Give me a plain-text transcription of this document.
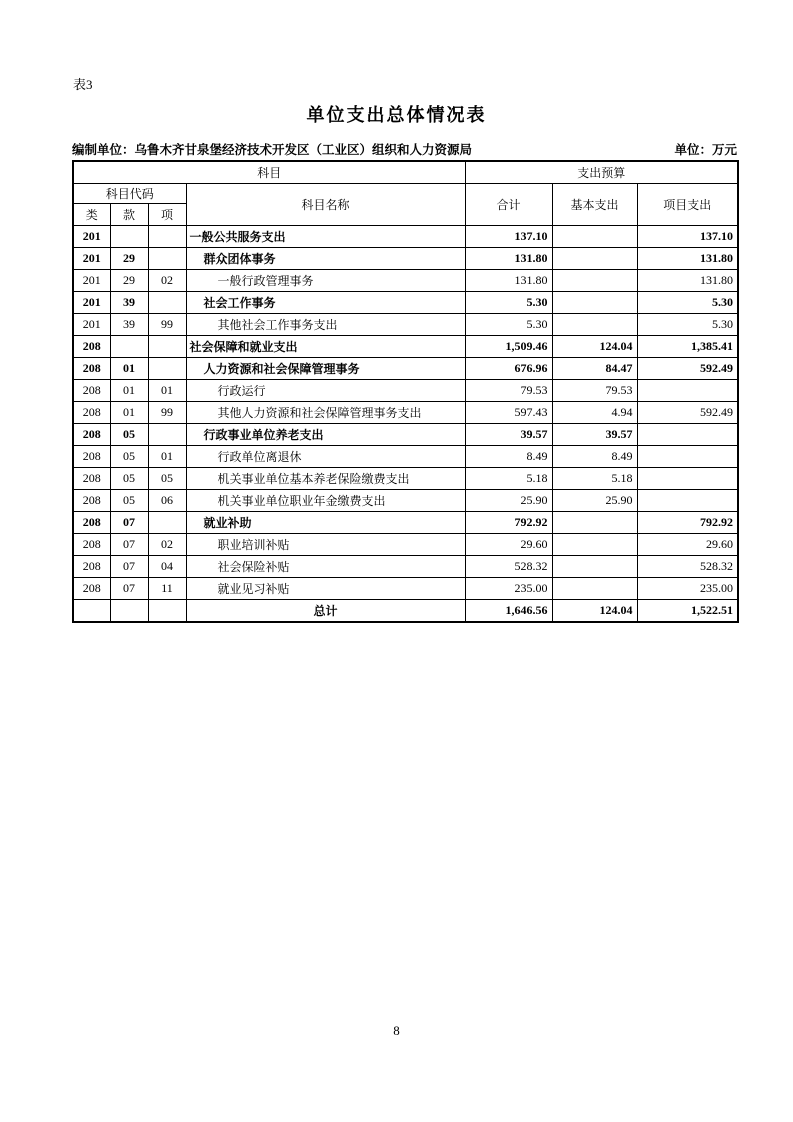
表3
单位支出总体情况表
编制单位：乌鲁木齐甘泉堡经济技术开发区（工业区）组织和人力资源局	单位：万元
科目				支出预算		
科目代码			科目名称	合计	基本支出	项目支出
类	款	项				
201			一般公共服务支出	137.10		137.10
201	29		群众团体事务	131.80		131.80
201	29	02	一般行政管理事务	131.80		131.80
201	39		社会工作事务	5.30		5.30
201	39	99	其他社会工作事务支出	5.30		5.30
208			社会保障和就业支出	1,509.46	124.04	1,385.41
208	01		人力资源和社会保障管理事务	676.96	84.47	592.49
208	01	01	行政运行	79.53	79.53	
208	01	99	其他人力资源和社会保障管理事务支出	597.43	4.94	592.49
208	05		行政事业单位养老支出	39.57	39.57	
208	05	01	行政单位离退休	8.49	8.49	
208	05	05	机关事业单位基本养老保险缴费支出	5.18	5.18	
208	05	06	机关事业单位职业年金缴费支出	25.90	25.90	
208	07		就业补助	792.92		792.92
208	07	02	职业培训补贴	29.60		29.60
208	07	04	社会保险补贴	528.32		528.32
208	07	11	就业见习补贴	235.00		235.00
			总计	1,646.56	124.04	1,522.51
8
